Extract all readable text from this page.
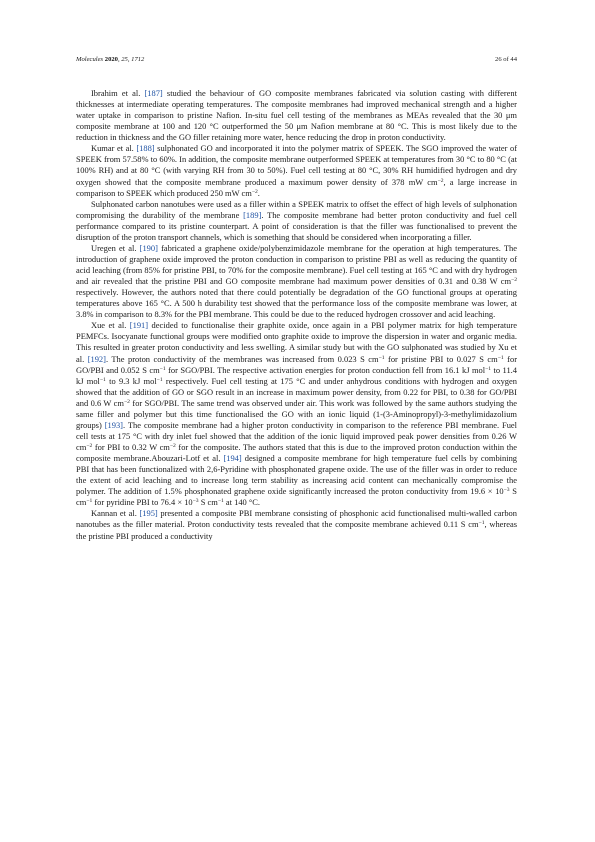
Molecules 2020, 25, 1712	26 of 44

Ibrahim et al. [187] studied the behaviour of GO composite membranes fabricated via solution casting with different thicknesses at intermediate operating temperatures. The composite membranes had improved mechanical strength and a higher water uptake in comparison to pristine Nafion. In-situ fuel cell testing of the membranes as MEAs revealed that the 30 μm composite membrane at 100 and 120 °C outperformed the 50 μm Nafion membrane at 80 °C. This is most likely due to the reduction in thickness and the GO filler retaining more water, hence reducing the drop in proton conductivity.

Kumar et al. [188] sulphonated GO and incorporated it into the polymer matrix of SPEEK. The SGO improved the water of SPEEK from 57.58% to 60%. In addition, the composite membrane outperformed SPEEK at temperatures from 30 °C to 80 °C (at 100% RH) and at 80 °C (with varying RH from 30 to 50%). Fuel cell testing at 80 °C, 30% RH humidified hydrogen and dry oxygen showed that the composite membrane produced a maximum power density of 378 mW $cm^{-2}$, a large increase in comparison to SPEEK which produced 250 mW $cm^{-2}$.

Sulphonated carbon nanotubes were used as a filler within a SPEEK matrix to offset the effect of high levels of sulphonation compromising the durability of the membrane [189]. The composite membrane had better proton conductivity and fuel cell performance compared to its pristine counterpart. A point of consideration is that the filler was functionalised to prevent the disruption of the proton transport channels, which is something that should be considered when incorporating a filler.

Uregen et al. [190] fabricated a graphene oxide/polybenzimidazole membrane for the operation at high temperatures. The introduction of graphene oxide improved the proton conduction in comparison to pristine PBI as well as reducing the quantity of acid leaching (from 85% for pristine PBI, to 70% for the composite membrane). Fuel cell testing at 165 °C and with dry hydrogen and air revealed that the pristine PBI and GO composite membrane had maximum power densities of 0.31 and 0.38 W $cm^{-2}$ respectively. However, the authors noted that there could potentially be degradation of the GO functional groups at operating temperatures above 165 °C. A 500 h durability test showed that the performance loss of the composite membrane was lower, at 3.8% in comparison to 8.3% for the PBI membrane. This could be due to the reduced hydrogen crossover and acid leaching.

Xue et al. [191] decided to functionalise their graphite oxide, once again in a PBI polymer matrix for high temperature PEMFCs. Isocyanate functional groups were modified onto graphite oxide to improve the dispersion in water and organic media. This resulted in greater proton conductivity and less swelling. A similar study but with the GO sulphonated was studied by Xu et al. [192]. The proton conductivity of the membranes was increased from 0.023 S $cm^{-1}$ for pristine PBI to 0.027 S $cm^{-1}$ for GO/PBI and 0.052 S $cm^{-1}$ for SGO/PBI. The respective activation energies for proton conduction fell from 16.1 kJ mol$^{-1}$ to 11.4 kJ mol$^{-1}$ to 9.3 kJ mol$^{-1}$ respectively. Fuel cell testing at 175 °C and under anhydrous conditions with hydrogen and oxygen showed that the addition of GO or SGO result in an increase in maximum power density, from 0.22 for PBI, to 0.38 for GO/PBI and 0.6 W $cm^{-2}$ for SGO/PBI. The same trend was observed under air. This work was followed by the same authors studying the same filler and polymer but this time functionalised the GO with an ionic liquid (1-(3-Aminopropyl)-3-methylimidazolium groups) [193]. The composite membrane had a higher proton conductivity in comparison to the reference PBI membrane. Fuel cell tests at 175 °C with dry inlet fuel showed that the addition of the ionic liquid improved peak power densities from 0.26 W $cm^{-2}$ for PBI to 0.32 W $cm^{-2}$ for the composite. The authors stated that this is due to the improved proton conduction within the composite membrane.Abouzari-Lotf et al. [194] designed a composite membrane for high temperature fuel cells by combining PBI that has been functionalized with 2,6-Pyridine with phosphonated grapene oxide. The use of the filler was in order to reduce the extent of acid leaching and to increase long term stability as increasing acid content can mechanically compromise the polymer. The addition of 1.5% phosphonated graphene oxide significantly increased the proton conductivity from $19.6 \times 10^{-3}$ S $cm^{-1}$ for pyridine PBI to $76.4 \times 10^{-3}$ S $cm^{-1}$ at 140 °C.

Kannan et al. [195] presented a composite PBI membrane consisting of phosphonic acid functionalised multi-walled carbon nanotubes as the filler material. Proton conductivity tests revealed that the composite membrane achieved 0.11 S $cm^{-1}$, whereas the pristine PBI produced a conductivity
